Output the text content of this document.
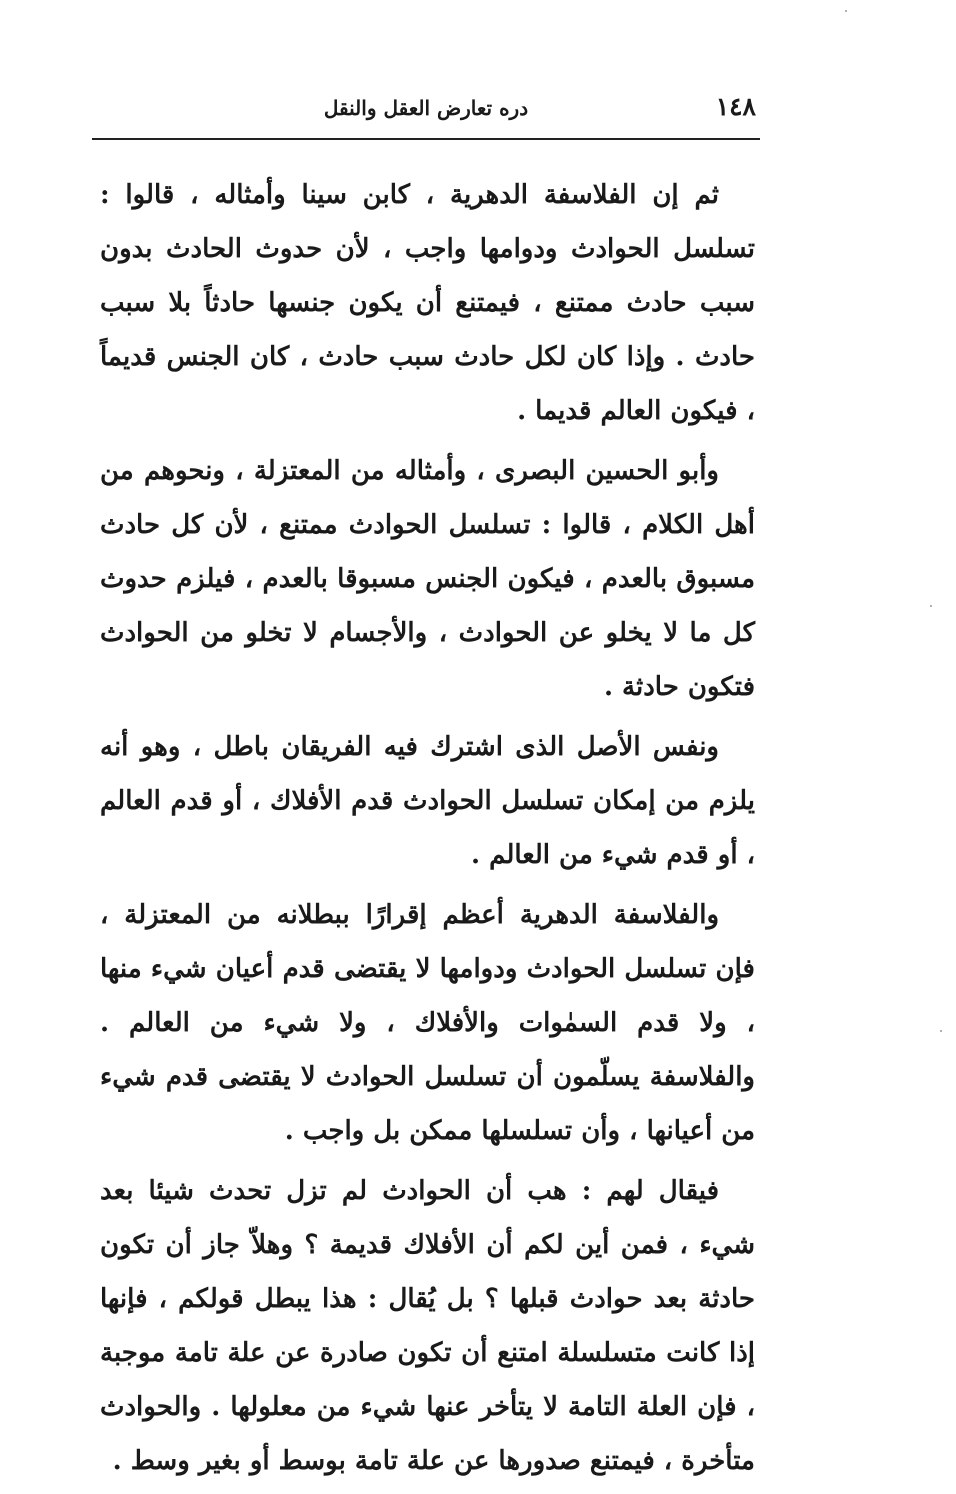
١٤٨
دره تعارض العقل والنقل

ثم إن الفلاسفة الدهرية ، كابن سينا وأمثاله ، قالوا : تسلسل الحوادث ودوامها واجب ، لأن حدوث الحادث بدون سبب حادث ممتنع ، فيمتنع أن يكون جنسها حادثاً بلا سبب حادث . وإذا كان لكل حادث سبب حادث ، كان الجنس قديماً ، فيكون العالم قديما .

وأبو الحسين البصرى ، وأمثاله من المعتزلة ، ونحوهم من أهل الكلام ، قالوا : تسلسل الحوادث ممتنع ، لأن كل حادث مسبوق بالعدم ، فيكون الجنس مسبوقا بالعدم ، فيلزم حدوث كل ما لا يخلو عن الحوادث ، والأجسام لا تخلو من الحوادث فتكون حادثة .

ونفس الأصل الذى اشترك فيه الفريقان باطل ، وهو أنه يلزم من إمكان تسلسل الحوادث قدم الأفلاك ، أو قدم العالم ، أو قدم شيء من العالم .

والفلاسفة الدهرية أعظم إقرارًا ببطلانه من المعتزلة ، فإن تسلسل الحوادث ودوامها لا يقتضى قدم أعيان شيء منها ، ولا قدم السمٰوات والأفلاك ، ولا شيء من العالم . والفلاسفة يسلّمون أن تسلسل الحوادث لا يقتضى قدم شيء من أعيانها ، وأن تسلسلها ممكن بل واجب .

فيقال لهم : هب أن الحوادث لم تزل تحدث شيئا بعد شيء ، فمن أين لكم أن الأفلاك قديمة ؟ وهلاّ جاز أن تكون حادثة بعد حوادث قبلها ؟ بل يُقال : هذا يبطل قولكم ، فإنها إذا كانت متسلسلة امتنع أن تكون صادرة عن علة تامة موجبة ، فإن العلة التامة لا يتأخر عنها شيء من معلولها . والحوادث متأخرة ، فيمتنع صدورها عن علة تامة بوسط أو بغير وسط .
